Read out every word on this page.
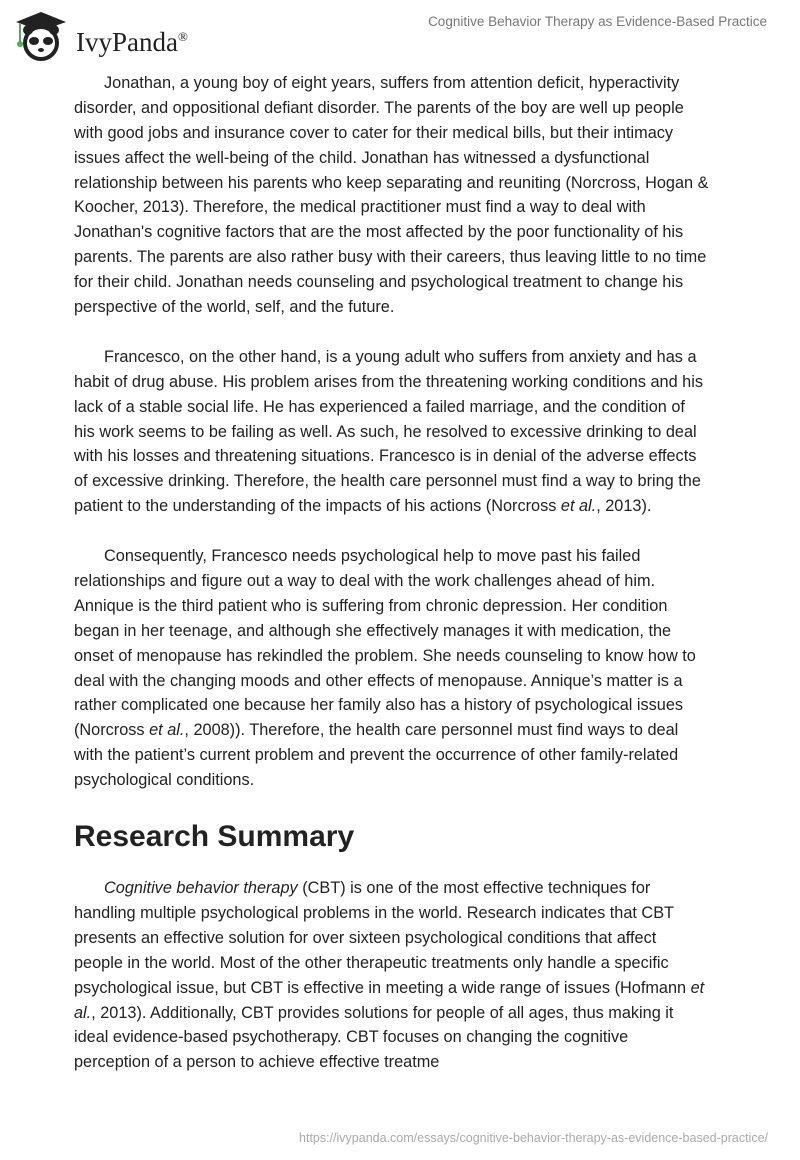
IvyPanda®
Cognitive Behavior Therapy as Evidence-Based Practice

Jonathan, a young boy of eight years, suffers from attention deficit, hyperactivity
disorder, and oppositional defiant disorder. The parents of the boy are well up people
with good jobs and insurance cover to cater for their medical bills, but their intimacy
issues affect the well-being of the child. Jonathan has witnessed a dysfunctional
relationship between his parents who keep separating and reuniting (Norcross, Hogan &
Koocher, 2013). Therefore, the medical practitioner must find a way to deal with
Jonathan's cognitive factors that are the most affected by the poor functionality of his
parents. The parents are also rather busy with their careers, thus leaving little to no time
for their child. Jonathan needs counseling and psychological treatment to change his
perspective of the world, self, and the future.

Francesco, on the other hand, is a young adult who suffers from anxiety and has a
habit of drug abuse. His problem arises from the threatening working conditions and his
lack of a stable social life. He has experienced a failed marriage, and the condition of
his work seems to be failing as well. As such, he resolved to excessive drinking to deal
with his losses and threatening situations. Francesco is in denial of the adverse effects
of excessive drinking. Therefore, the health care personnel must find a way to bring the
patient to the understanding of the impacts of his actions (Norcross et al., 2013).

Consequently, Francesco needs psychological help to move past his failed
relationships and figure out a way to deal with the work challenges ahead of him.
Annique is the third patient who is suffering from chronic depression. Her condition
began in her teenage, and although she effectively manages it with medication, the
onset of menopause has rekindled the problem. She needs counseling to know how to
deal with the changing moods and other effects of menopause. Annique’s matter is a
rather complicated one because her family also has a history of psychological issues
(Norcross et al., 2008)). Therefore, the health care personnel must find ways to deal
with the patient’s current problem and prevent the occurrence of other family-related
psychological conditions.

Research Summary

Cognitive behavior therapy (CBT) is one of the most effective techniques for
handling multiple psychological problems in the world. Research indicates that CBT
presents an effective solution for over sixteen psychological conditions that affect
people in the world. Most of the other therapeutic treatments only handle a specific
psychological issue, but CBT is effective in meeting a wide range of issues (Hofmann et
al., 2013). Additionally, CBT provides solutions for people of all ages, thus making it
ideal evidence-based psychotherapy. CBT focuses on changing the cognitive
perception of a person to achieve effective treatme

https://ivypanda.com/essays/cognitive-behavior-therapy-as-evidence-based-practice/
